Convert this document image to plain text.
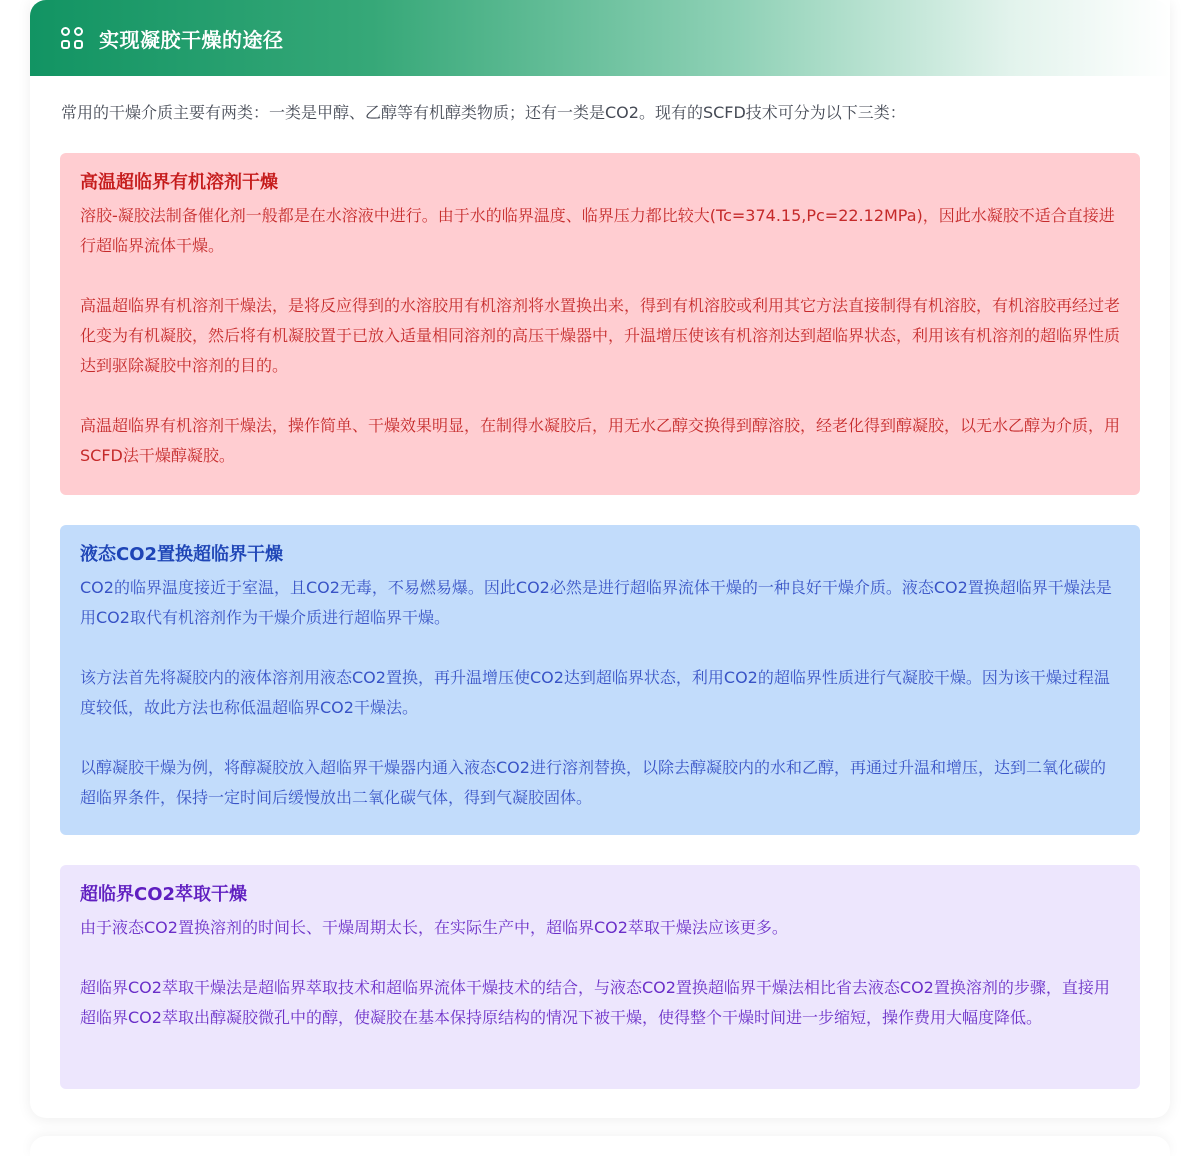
实现凝胶干燥的途径
常用的干燥介质主要有两类：一类是甲醇、乙醇等有机醇类物质；还有一类是CO2。现有的SCFD技术可分为以下三类：
高温超临界有机溶剂干燥

溶胶-凝胶法制备催化剂一般都是在水溶液中进行。由于水的临界温度、临界压力都比较大(Tc=374.15,Pc=22.12MPa)，因此水凝胶不适合直接进行超临界流体干燥。

高温超临界有机溶剂干燥法，是将反应得到的水溶胶用有机溶剂将水置换出来，得到有机溶胶或利用其它方法直接制得有机溶胶，有机溶胶再经过老化变为有机凝胶，然后将有机凝胶置于已放入适量相同溶剂的高压干燥器中，升温增压使该有机溶剂达到超临界状态，利用该有机溶剂的超临界性质达到驱除凝胶中溶剂的目的。

高温超临界有机溶剂干燥法，操作简单、干燥效果明显，在制得水凝胶后，用无水乙醇交换得到醇溶胶，经老化得到醇凝胶，以无水乙醇为介质，用SCFD法干燥醇凝胶。

液态CO2置换超临界干燥

CO2的临界温度接近于室温，且CO2无毒，不易燃易爆。因此CO2必然是进行超临界流体干燥的一种良好干燥介质。液态CO2置换超临界干燥法是用CO2取代有机溶剂作为干燥介质进行超临界干燥。

该方法首先将凝胶内的液体溶剂用液态CO2置换，再升温增压使CO2达到超临界状态，利用CO2的超临界性质进行气凝胶干燥。因为该干燥过程温度较低，故此方法也称低温超临界CO2干燥法。

以醇凝胶干燥为例，将醇凝胶放入超临界干燥器内通入液态CO2进行溶剂替换，以除去醇凝胶内的水和乙醇，再通过升温和增压，达到二氧化碳的超临界条件，保持一定时间后缓慢放出二氧化碳气体，得到气凝胶固体。

超临界CO2萃取干燥

由于液态CO2置换溶剂的时间长、干燥周期太长，在实际生产中，超临界CO2萃取干燥法应该更多。

超临界CO2萃取干燥法是超临界萃取技术和超临界流体干燥技术的结合，与液态CO2置换超临界干燥法相比省去液态CO2置换溶剂的步骤，直接用超临界CO2萃取出醇凝胶微孔中的醇，使凝胶在基本保持原结构的情况下被干燥，使得整个干燥时间进一步缩短，操作费用大幅度降低。
